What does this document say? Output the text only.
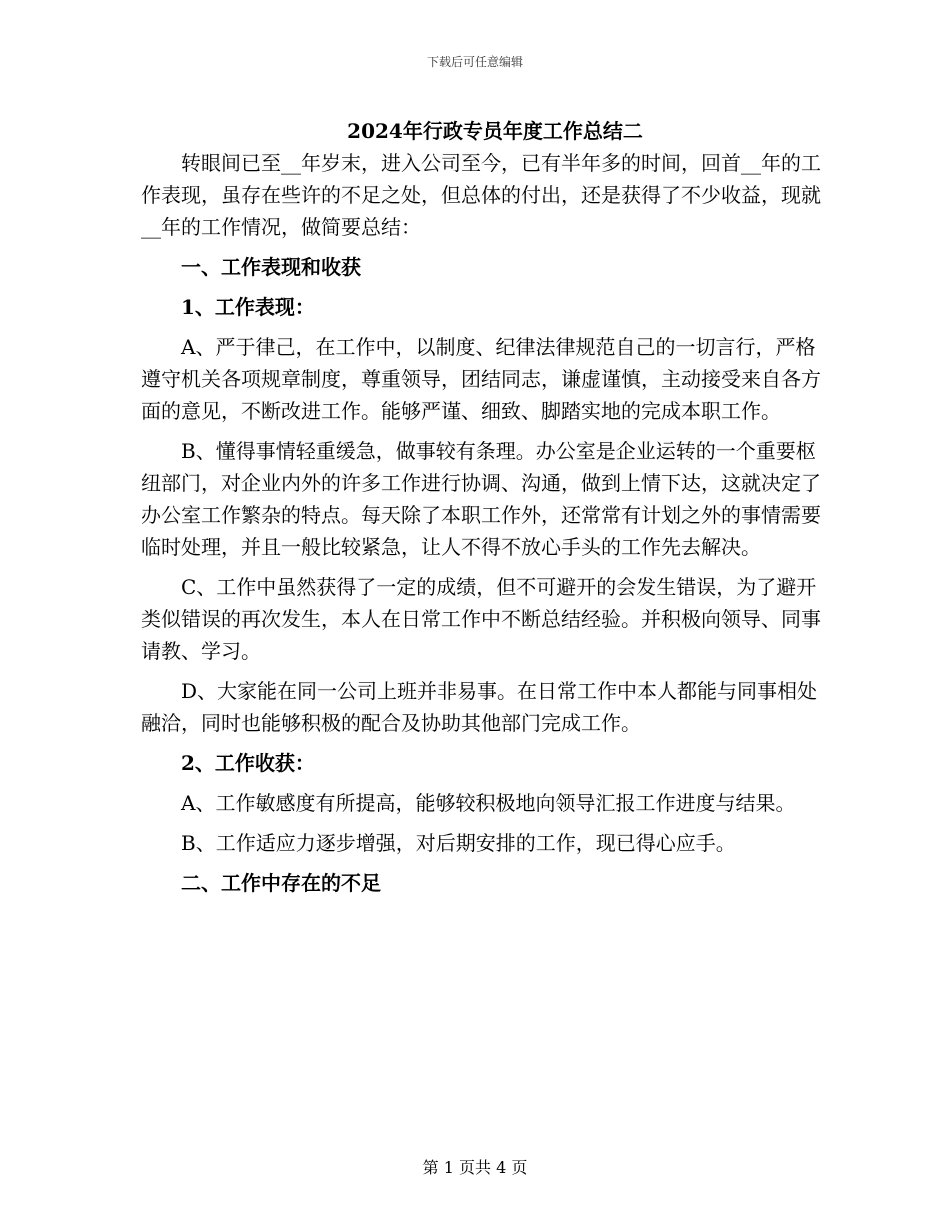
下载后可任意编辑
2024年行政专员年度工作总结二

转眼间已至__年岁末，进入公司至今，已有半年多的时间，回首__年的工作表现，虽存在些许的不足之处，但总体的付出，还是获得了不少收益，现就__年的工作情况，做简要总结：

一、工作表现和收获

1、工作表现：

A、严于律己，在工作中，以制度、纪律法律规范自己的一切言行，严格遵守机关各项规章制度，尊重领导，团结同志，谦虚谨慎，主动接受来自各方面的意见，不断改进工作。能够严谨、细致、脚踏实地的完成本职工作。

B、懂得事情轻重缓急，做事较有条理。办公室是企业运转的一个重要枢纽部门，对企业内外的许多工作进行协调、沟通，做到上情下达，这就决定了办公室工作繁杂的特点。每天除了本职工作外，还常常有计划之外的事情需要临时处理，并且一般比较紧急，让人不得不放心手头的工作先去解决。

C、工作中虽然获得了一定的成绩，但不可避开的会发生错误，为了避开类似错误的再次发生，本人在日常工作中不断总结经验。并积极向领导、同事请教、学习。

D、大家能在同一公司上班并非易事。在日常工作中本人都能与同事相处融洽，同时也能够积极的配合及协助其他部门完成工作。

2、工作收获：

A、工作敏感度有所提高，能够较积极地向领导汇报工作进度与结果。

B、工作适应力逐步增强，对后期安排的工作，现已得心应手。

二、工作中存在的不足

第 1 页共 4 页
